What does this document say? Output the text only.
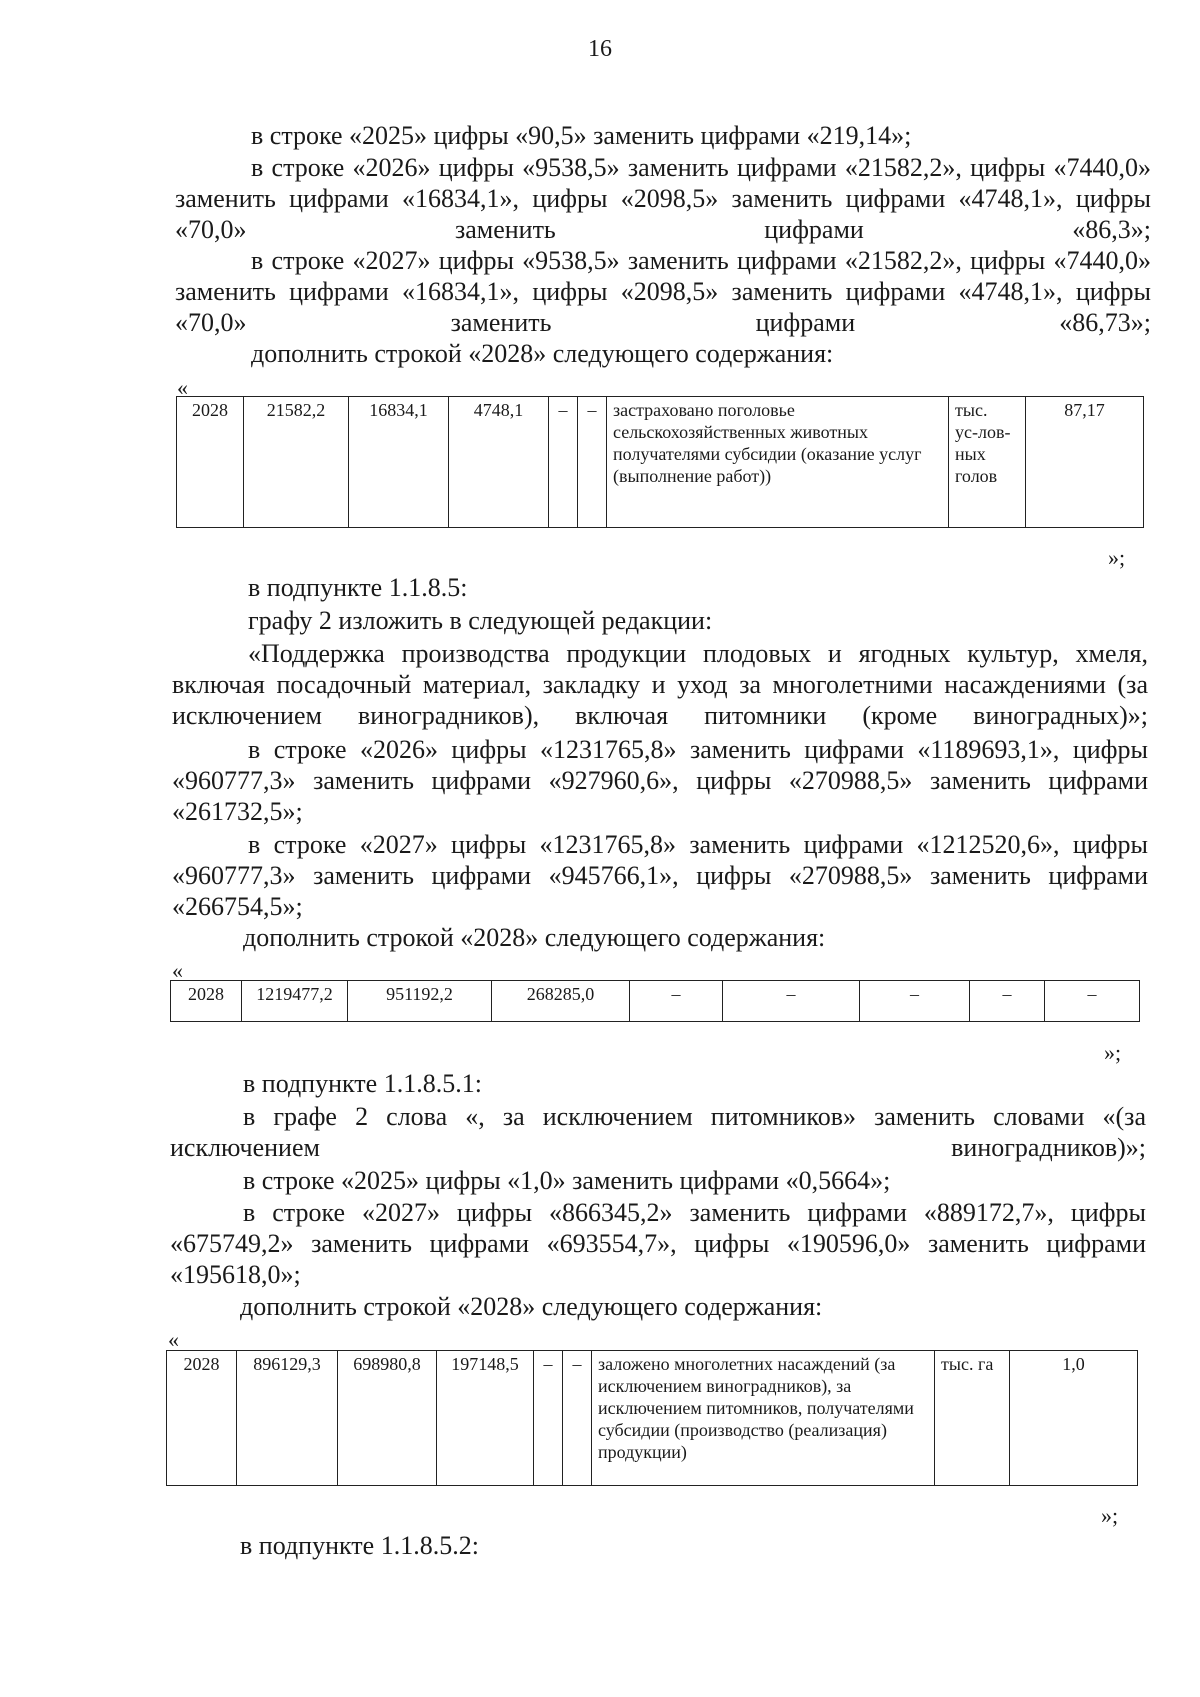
16
в строке «2025» цифры «90,5» заменить цифрами «219,14»;
в строке «2026» цифры «9538,5» заменить цифрами «21582,2», цифры «7440,0» заменить цифрами «16834,1», цифры «2098,5» заменить цифрами «4748,1», цифры «70,0» заменить цифрами «86,3»;
в строке «2027» цифры «9538,5» заменить цифрами «21582,2», цифры «7440,0» заменить цифрами «16834,1», цифры «2098,5» заменить цифрами «4748,1», цифры «70,0» заменить цифрами «86,73»;
дополнить строкой «2028» следующего содержания:
«
2028	21582,2	16834,1	4748,1	–	–	застраховано поголовье сельскохозяйственных животных получателями субсидии (оказание услуг (выполнение работ))	тыс. ус-лов-ных голов	87,17
»;
в подпункте 1.1.8.5:
графу 2 изложить в следующей редакции:
«Поддержка производства продукции плодовых и ягодных культур, хмеля, включая посадочный материал, закладку и уход за многолетними насаждениями (за исключением виноградников), включая питомники (кроме виноградных)»;
в строке «2026» цифры «1231765,8» заменить цифрами «1189693,1», цифры «960777,3» заменить цифрами «927960,6», цифры «270988,5» заменить цифрами «261732,5»;
в строке «2027» цифры «1231765,8» заменить цифрами «1212520,6», цифры «960777,3» заменить цифрами «945766,1», цифры «270988,5» заменить цифрами «266754,5»;
дополнить строкой «2028» следующего содержания:
«
2028	1219477,2	951192,2	268285,0	–	–	–	–	–
»;
в подпункте 1.1.8.5.1:
в графе 2 слова «, за исключением питомников» заменить словами «(за исключением виноградников)»;
в строке «2025» цифры «1,0» заменить цифрами «0,5664»;
в строке «2027» цифры «866345,2» заменить цифрами «889172,7», цифры «675749,2» заменить цифрами «693554,7», цифры «190596,0» заменить цифрами «195618,0»;
дополнить строкой «2028» следующего содержания:
«
2028	896129,3	698980,8	197148,5	–	–	заложено многолетних насаждений (за исключением виноградников), за исключением питомников, получателями субсидии (производство (реализация) продукции)	тыс. га	1,0
»;
в подпункте 1.1.8.5.2:
